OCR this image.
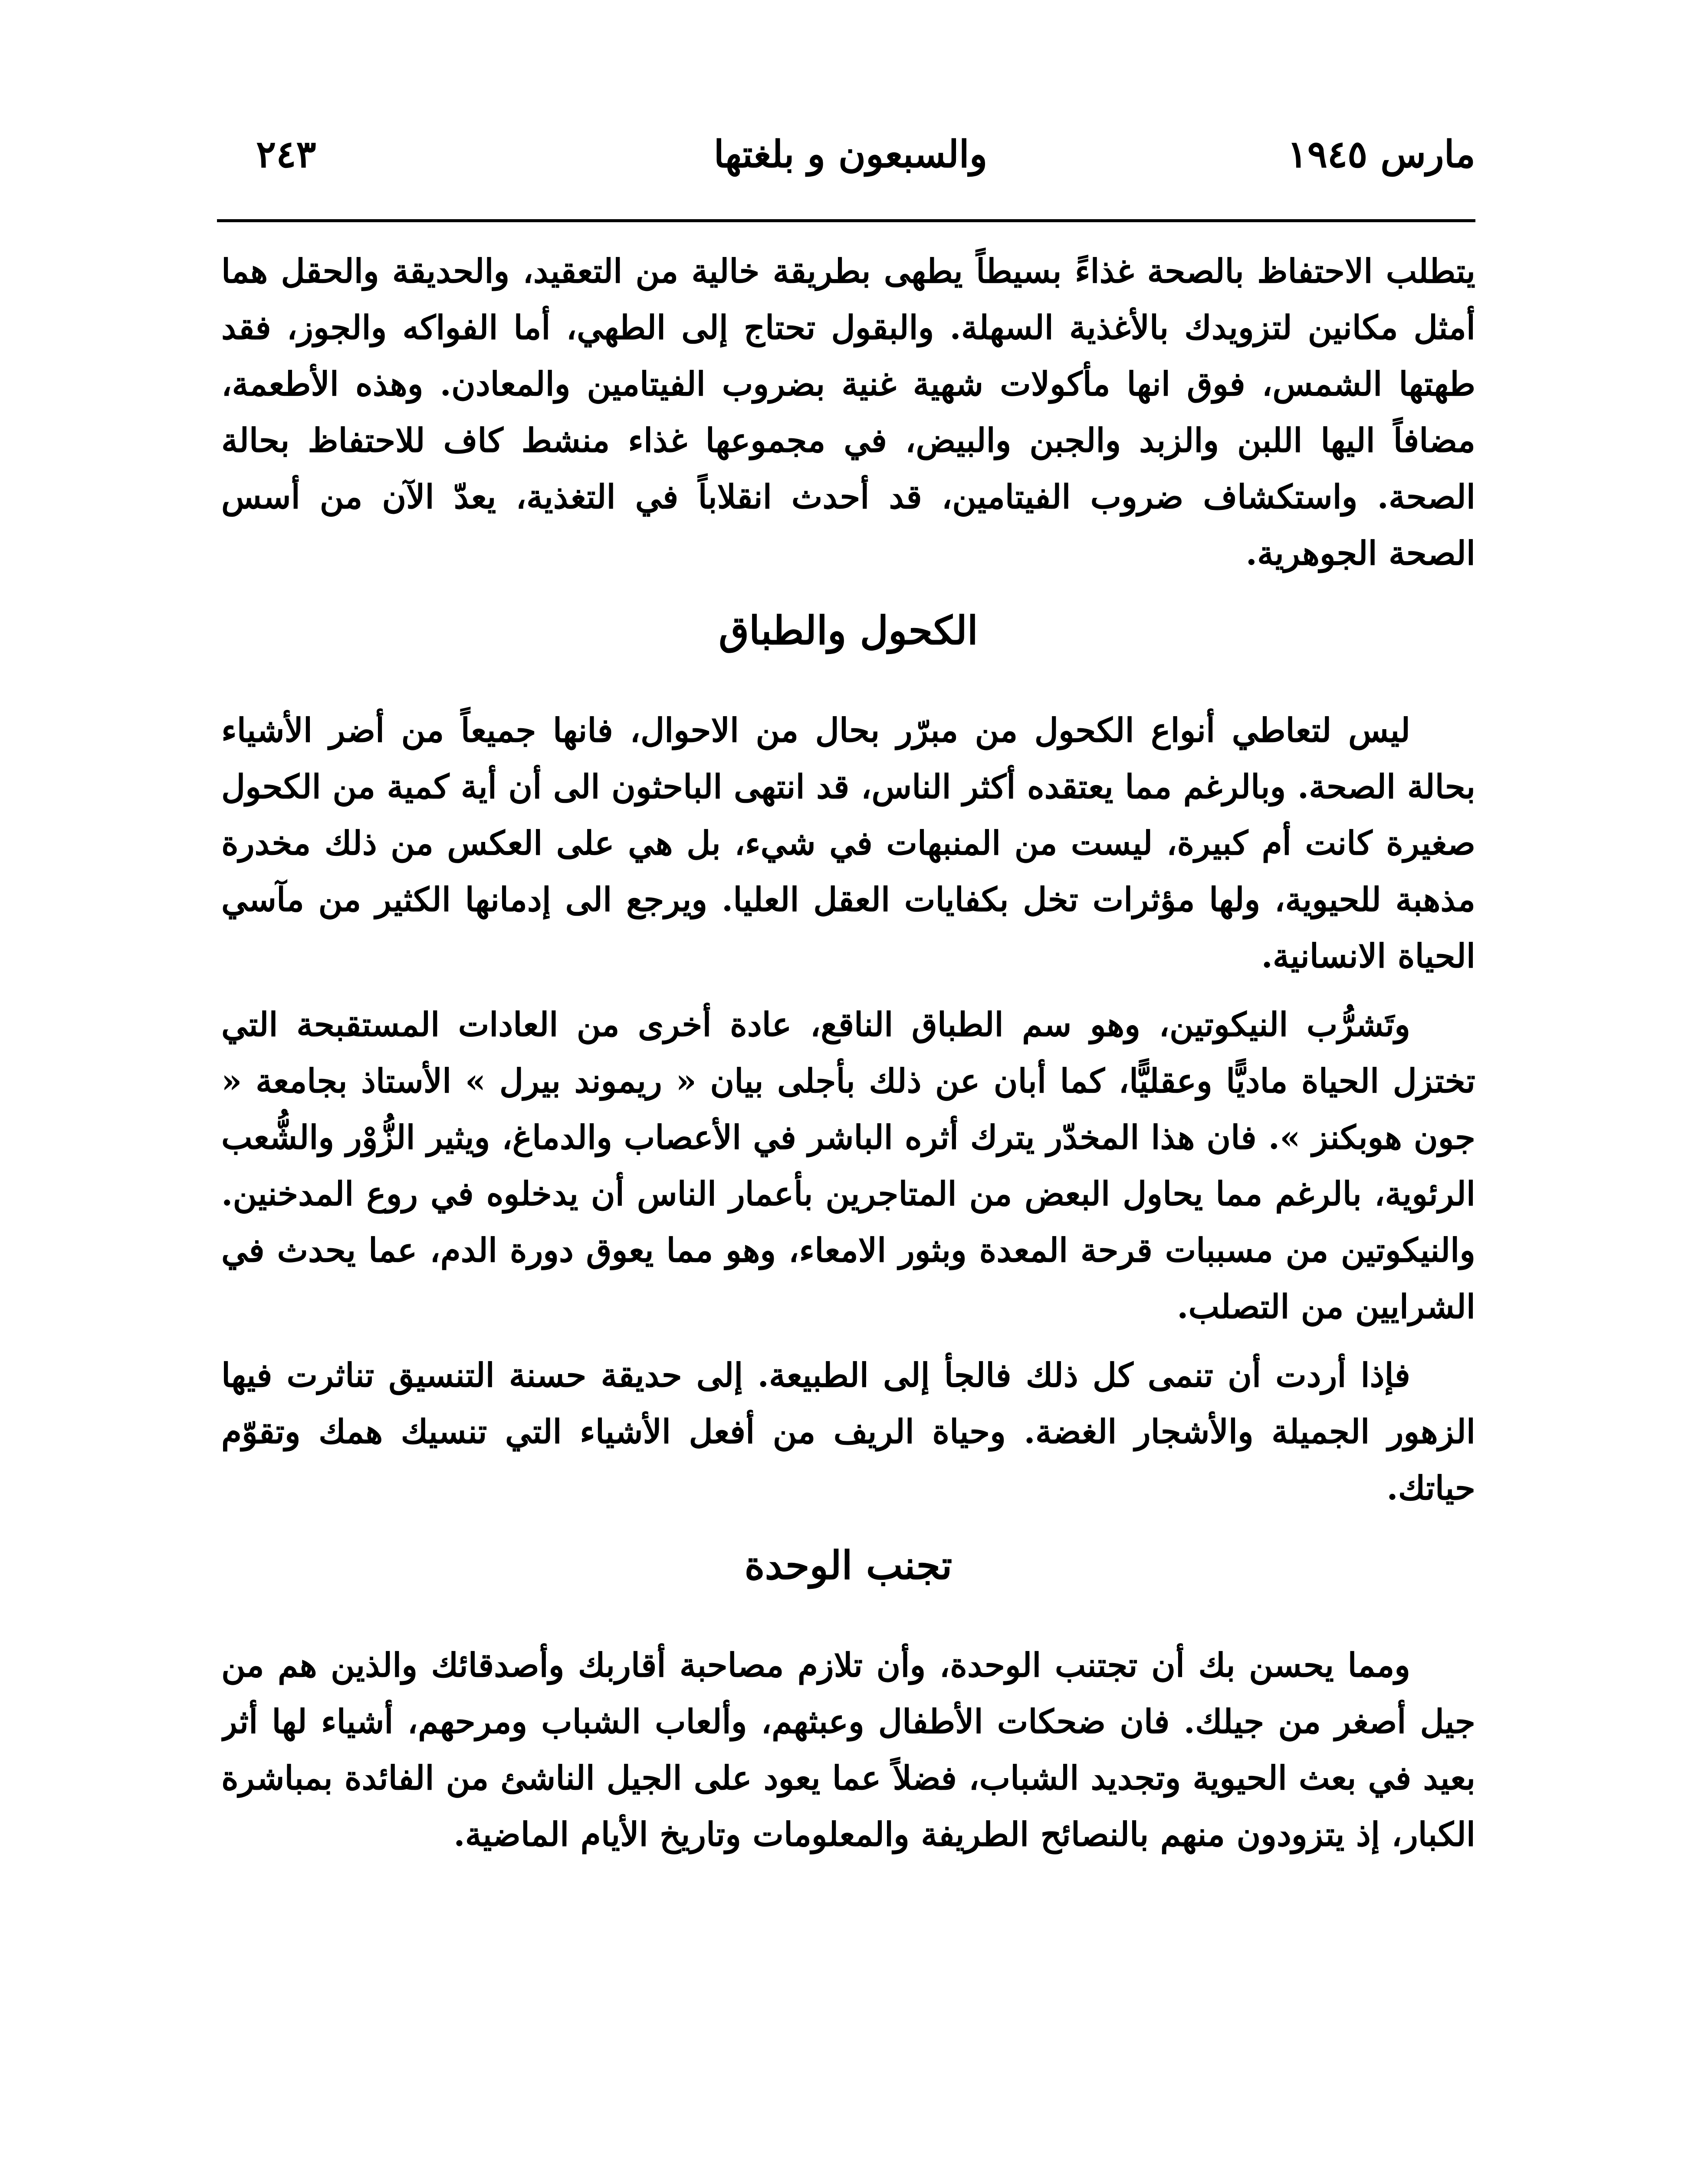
مارس ١٩٤٥
والسبعون و بلغتها
٢٤٣

يتطلب الاحتفاظ بالصحة غذاءً بسيطاً يطهى بطريقة خالية من التعقيد، والحديقة والحقل هما أمثل مكانين لتزويدك بالأغذية السهلة. والبقول تحتاج إلى الطهي، أما الفواكه والجوز، فقد طهتها الشمس، فوق انها مأكولات شهية غنية بضروب الفيتامين والمعادن. وهذه الأطعمة، مضافاً اليها اللبن والزبد والجبن والبيض، في مجموعها غذاء منشط كاف للاحتفاظ بحالة الصحة. واستكشاف ضروب الفيتامين، قد أحدث انقلاباً في التغذية، يعدّ الآن من أسس الصحة الجوهرية.

الكحول والطباق

ليس لتعاطي أنواع الكحول من مبرّر بحال من الاحوال، فانها جميعاً من أضر الأشياء بحالة الصحة. وبالرغم مما يعتقده أكثر الناس، قد انتهى الباحثون الى أن أية كمية من الكحول صغيرة كانت أم كبيرة، ليست من المنبهات في شيء، بل هي على العكس من ذلك مخدرة مذهبة للحيوية، ولها مؤثرات تخل بكفايات العقل العليا. ويرجع الى إدمانها الكثير من مآسي الحياة الانسانية.

وتَشرُّب النيكوتين، وهو سم الطباق الناقع، عادة أخرى من العادات المستقبحة التي تختزل الحياة ماديًّا وعقليًّا، كما أبان عن ذلك بأجلى بيان « ريموند بيرل » الأستاذ بجامعة « جون هوبكنز ». فان هذا المخدّر يترك أثره الباشر في الأعصاب والدماغ، ويثير الزُّوْر والشُّعب الرئوية، بالرغم مما يحاول البعض من المتاجرين بأعمار الناس أن يدخلوه في روع المدخنين. والنيكوتين من مسببات قرحة المعدة وبثور الامعاء، وهو مما يعوق دورة الدم، عما يحدث في الشرايين من التصلب.

فإذا أردت أن تنمى كل ذلك فالجأ إلى الطبيعة. إلى حديقة حسنة التنسيق تناثرت فيها الزهور الجميلة والأشجار الغضة. وحياة الريف من أفعل الأشياء التي تنسيك همك وتقوّم حياتك.

تجنب الوحدة

ومما يحسن بك أن تجتنب الوحدة، وأن تلازم مصاحبة أقاربك وأصدقائك والذين هم من جيل أصغر من جيلك. فان ضحكات الأطفال وعبثهم، وألعاب الشباب ومرحهم، أشياء لها أثر بعيد في بعث الحيوية وتجديد الشباب، فضلاً عما يعود على الجيل الناشئ من الفائدة بمباشرة الكبار، إذ يتزودون منهم بالنصائح الطريفة والمعلومات وتاريخ الأيام الماضية.
